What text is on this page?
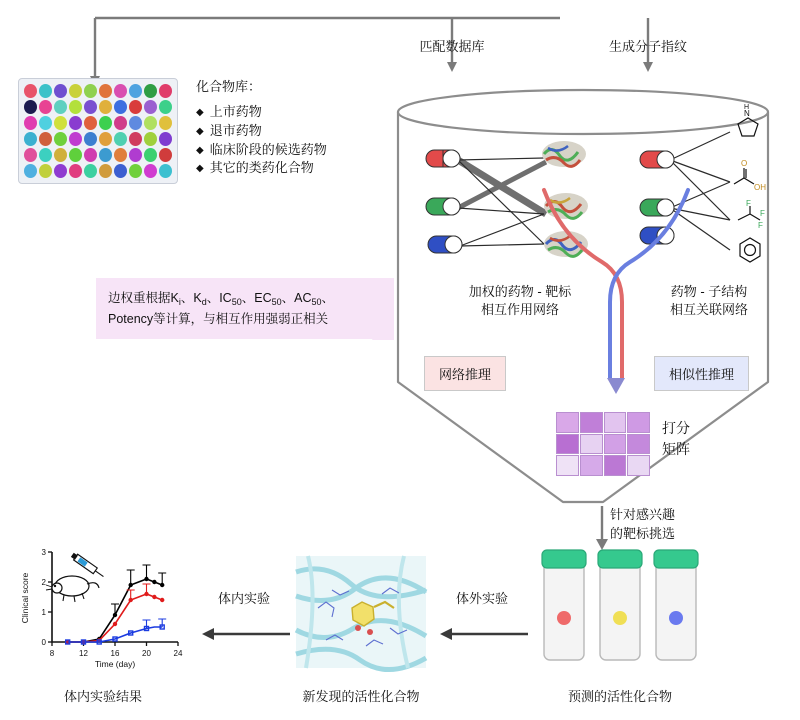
匹配数据库	生成分子指纹
化合物库：
◆ 上市药物
◆ 退市药物
◆ 临床阶段的候选药物
◆ 其它的类药化合物
加权的药物 - 靶标
相互作用网络
N
H
O
OH
F
F
F
药物 - 子结构
相互关联网络
边权重根据$K_i$、$K_d$、$IC_{50}$、$EC_{50}$、$AC_{50}$、
Potency等计算，与相互作用强弱正相关
网络推理	相似性推理
打分
矩阵
针对感兴趣
的靶标挑选
预测的活性化合物
体外实验
新发现的活性化合物
体内实验
0
1
2
3
8	12	16	20	24
Time (day)
Clinical score
体内实验结果
